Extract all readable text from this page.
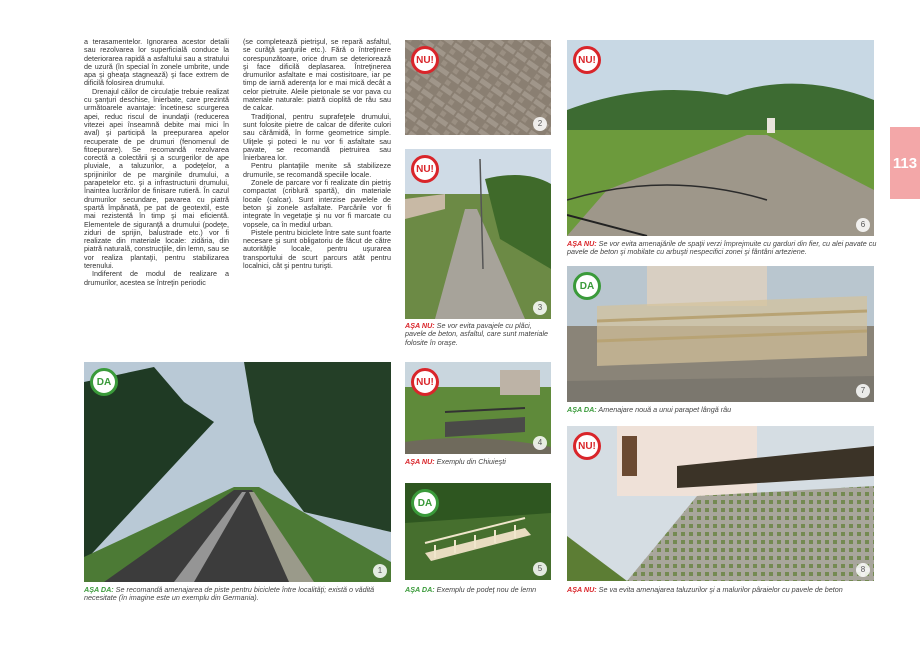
a terasamentelor. Ignorarea acestor detalii sau rezolvarea lor superficială conduce la deteriorarea rapidă a asfaltului sau a stratului de uzură (în special în zonele umbrite, unde apa şi gheaţa stagnează) şi face extrem de dificilă folosirea drumului.

Drenajul căilor de circulaţie trebuie realizat cu şanţuri deschise, înierbate, care prezintă următoarele avantaje: încetinesc scurgerea apei, reduc riscul de inundaţii (reducerea vitezei apei înseamnă debite mai mici în aval) şi participă la preepurarea apelor recuperate de pe drumuri (fenomenul de fitoepurare). Se recomandă rezolvarea corectă a colectării şi a scurgerilor de ape pluviale, a taluzurilor, a podeţelor, a sprijinirilor de pe marginile drumului, a parapetelor etc. şi a infrastructurii drumului, înaintea lucrărilor de finisare rutieră. În cazul drumurilor secundare, pavarea cu piatră spartă împănată, pe pat de geotextil, este mai rezistentă în timp şi mai eficientă. Elementele de siguranţă a drumului (podeţe, ziduri de sprijin, balustrade etc.) vor fi realizate din materiale locale: zidăria, din piatră naturală, construcţiile, din lemn, sau se vor realiza plantaţii, pentru stabilizarea terenului.

Indiferent de modul de realizare a drumurilor, acestea se întreţin periodic

(se completează pietrişul, se repară asfaltul, se curăţă şanţurile etc.). Fără o întreţinere corespunzătoare, orice drum se deteriorează şi face dificilă deplasarea. Întreţinerea drumurilor asfaltate e mai costisitoare, iar pe timp de iarnă aderenţa lor e mai mică decât a celor pietruite. Aleile pietonale se vor pava cu materiale naturale: piatră cioplită de râu sau de calcar.

Tradiţional, pentru suprafeţele drumului, sunt folosite pietre de calcar de diferite culori sau cărămidă, în forme geometrice simple. Uliţele şi poteci le nu vor fi asfaltate sau pavate, se recomandă pietruirea sau înierbarea lor.

Pentru plantaţiile menite să stabilizeze drumurile, se recomandă speciile locale.

Zonele de parcare vor fi realizate din pietriş compactat (criblură spartă), din materiale locale (calcar). Sunt interzise pavelele de beton şi zonele asfaltate. Parcările vor fi integrate în vegetaţie şi nu vor fi marcate cu vopsele, ca în mediul urban.

Pistele pentru biciclete între sate sunt foarte necesare şi sunt obligatoriu de făcut de către autorităţile locale, pentru uşurarea transportului de scurt parcurs atât pentru localnici, cât şi pentru turişti.

DA
1
AŞA DA: Se recomandă amenajarea de piste pentru biciclete între localităţi; există o vădită necesitate (în imagine este un exemplu din Germania).
NU!
2
NU!
3
AŞA NU: Se vor evita pavajele cu plăci, pavele de beton, asfaltul, care sunt materiale folosite în oraşe.
NU!
4
AŞA NU: Exemplu din Chiuieşti
DA
5
AŞA DA: Exemplu de podeţ nou de lemn
NU!
6
AŞA NU: Se vor evita amenajările de spaţii verzi împrejmuite cu garduri din fier, cu alei pavate cu pavele de beton şi mobilate cu arbuşti nespecifici zonei şi fântâni arteziene.
DA
7
AŞA DA: Amenajare nouă a unui parapet lângă râu
NU!
8
AŞA NU: Se va evita amenajarea taluzurilor şi a malurilor pâraielor cu pavele de beton
113
